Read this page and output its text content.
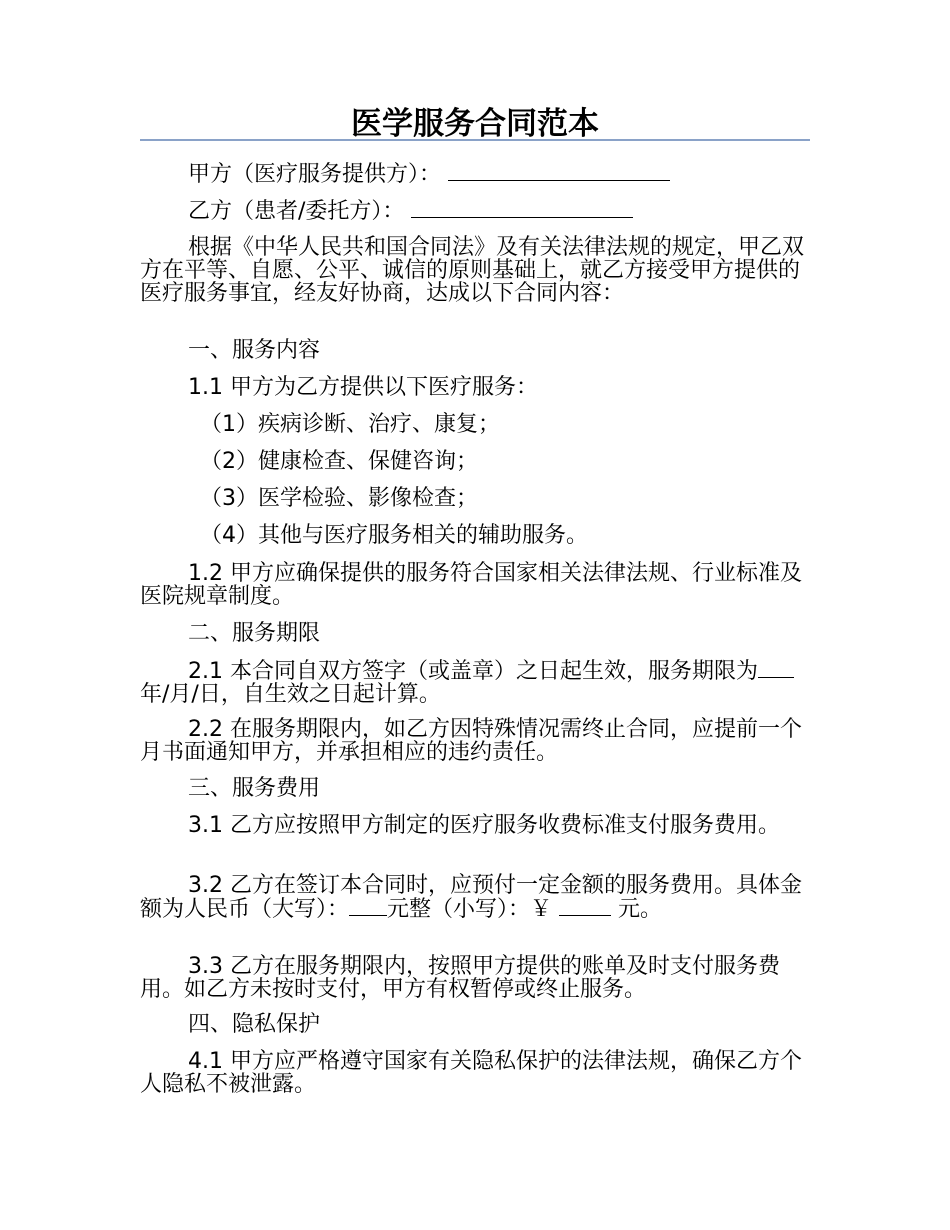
医学服务合同范本

甲方（医疗服务提供方）：

乙方（患者/委托方）：

根据《中华人民共和国合同法》及有关法律法规的规定，甲乙双方在平等、自愿、公平、诚信的原则基础上，就乙方接受甲方提供的医疗服务事宜，经友好协商，达成以下合同内容：

一、服务内容

1.1 甲方为乙方提供以下医疗服务：

（1）疾病诊断、治疗、康复；

（2）健康检查、保健咨询；

（3）医学检验、影像检查；

（4）其他与医疗服务相关的辅助服务。

1.2 甲方应确保提供的服务符合国家相关法律法规、行业标准及医院规章制度。

二、服务期限

2.1 本合同自双方签字（或盖章）之日起生效，服务期限为年/月/日，自生效之日起计算。

2.2 在服务期限内，如乙方因特殊情况需终止合同，应提前一个月书面通知甲方，并承担相应的违约责任。

三、服务费用

3.1 乙方应按照甲方制定的医疗服务收费标准支付服务费用。

3.2 乙方在签订本合同时，应预付一定金额的服务费用。具体金额为人民币（大写）： 元整（小写）：￥	元。

3.3 乙方在服务期限内，按照甲方提供的账单及时支付服务费用。如乙方未按时支付，甲方有权暂停或终止服务。

四、隐私保护

4.1 甲方应严格遵守国家有关隐私保护的法律法规，确保乙方个人隐私不被泄露。
